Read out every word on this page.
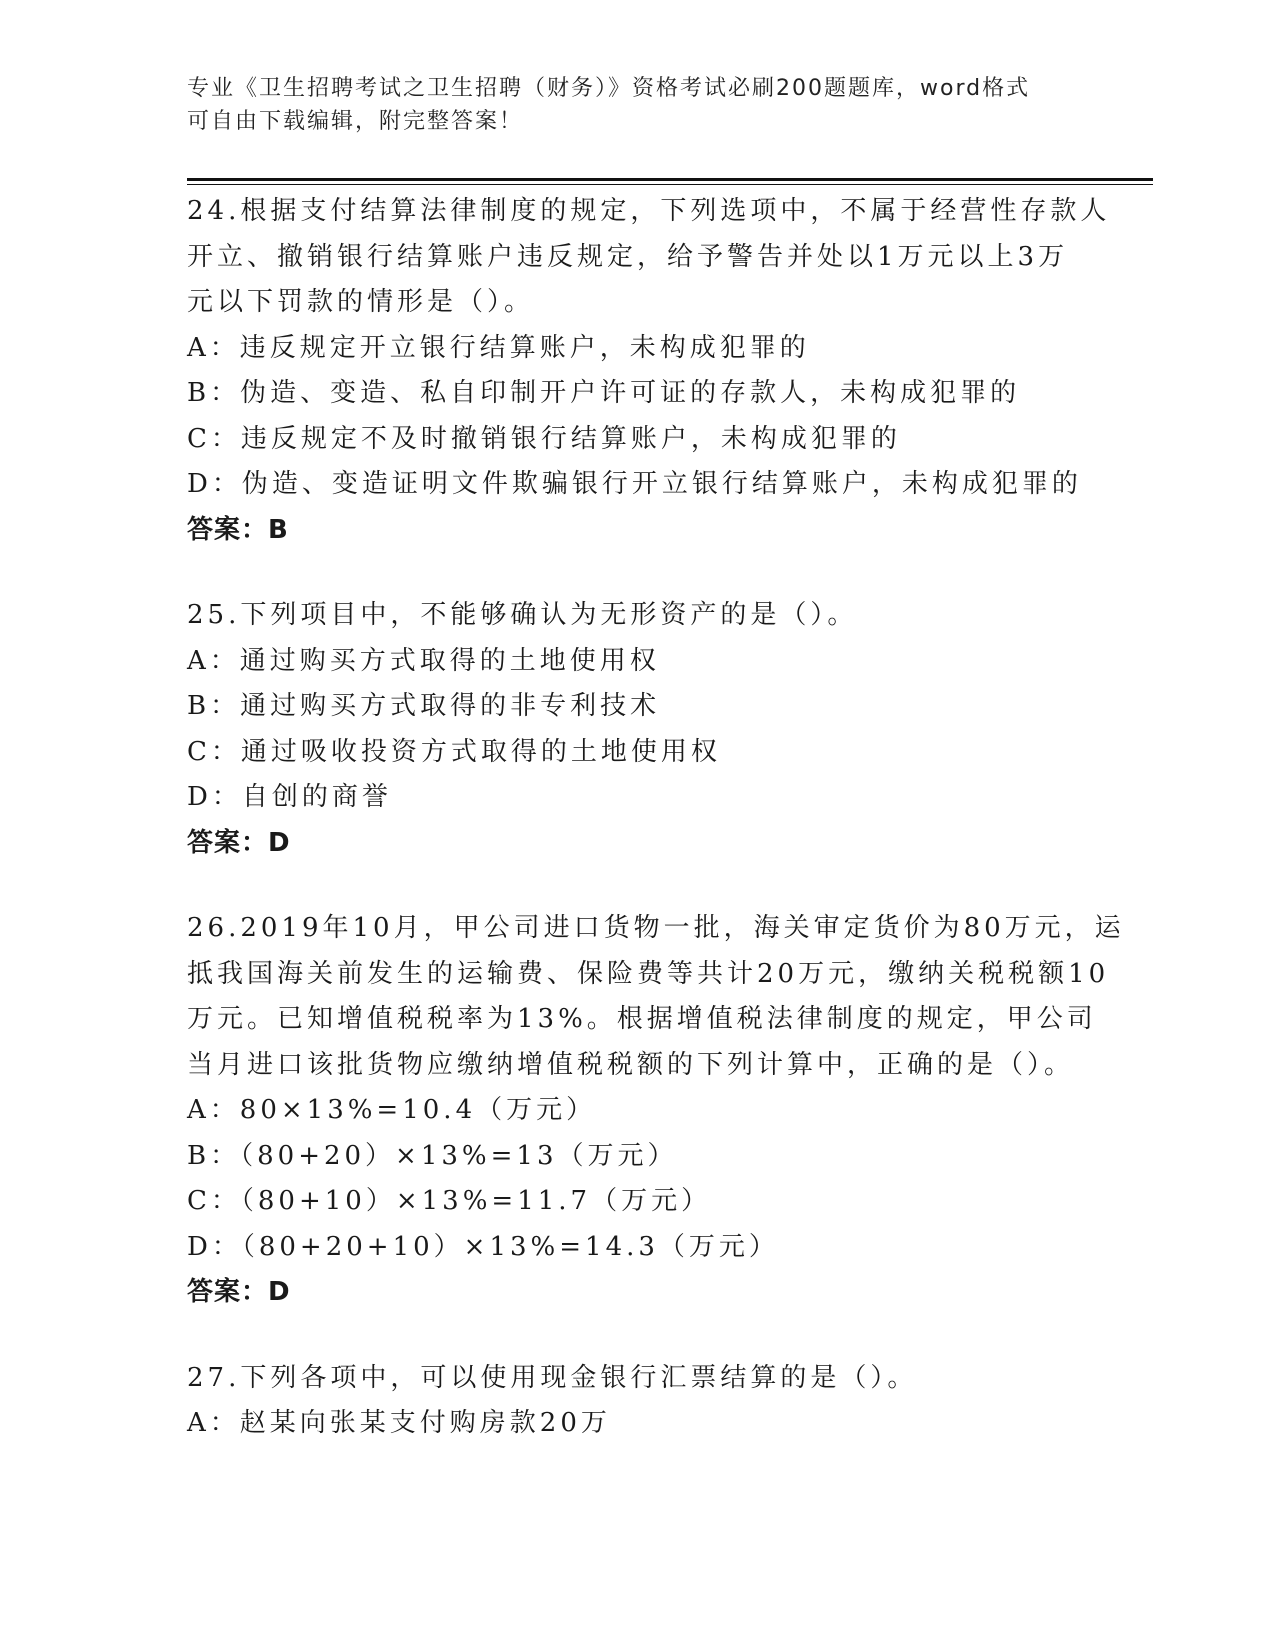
专业《卫生招聘考试之卫生招聘（财务）》资格考试必刷200题题库，word格式
可自由下载编辑，附完整答案！
24.根据支付结算法律制度的规定，下列选项中，不属于经营性存款人
开立、撤销银行结算账户违反规定，给予警告并处以1万元以上3万
元以下罚款的情形是（）。
A：违反规定开立银行结算账户，未构成犯罪的
B：伪造、变造、私自印制开户许可证的存款人，未构成犯罪的
C：违反规定不及时撤销银行结算账户，未构成犯罪的
D：伪造、变造证明文件欺骗银行开立银行结算账户，未构成犯罪的
答案：B
25.下列项目中，不能够确认为无形资产的是（）。
A：通过购买方式取得的土地使用权
B：通过购买方式取得的非专利技术
C：通过吸收投资方式取得的土地使用权
D：自创的商誉
答案：D
26.2019年10月，甲公司进口货物一批，海关审定货价为80万元，运
抵我国海关前发生的运输费、保险费等共计20万元，缴纳关税税额10
万元。已知增值税税率为13%。根据增值税法律制度的规定，甲公司
当月进口该批货物应缴纳增值税税额的下列计算中，正确的是（）。
A：80×13%=10.4（万元）
B：（80+20）×13%=13（万元）
C：（80+10）×13%=11.7（万元）
D：（80+20+10）×13%=14.3（万元）
答案：D
27.下列各项中，可以使用现金银行汇票结算的是（）。
A：赵某向张某支付购房款20万
